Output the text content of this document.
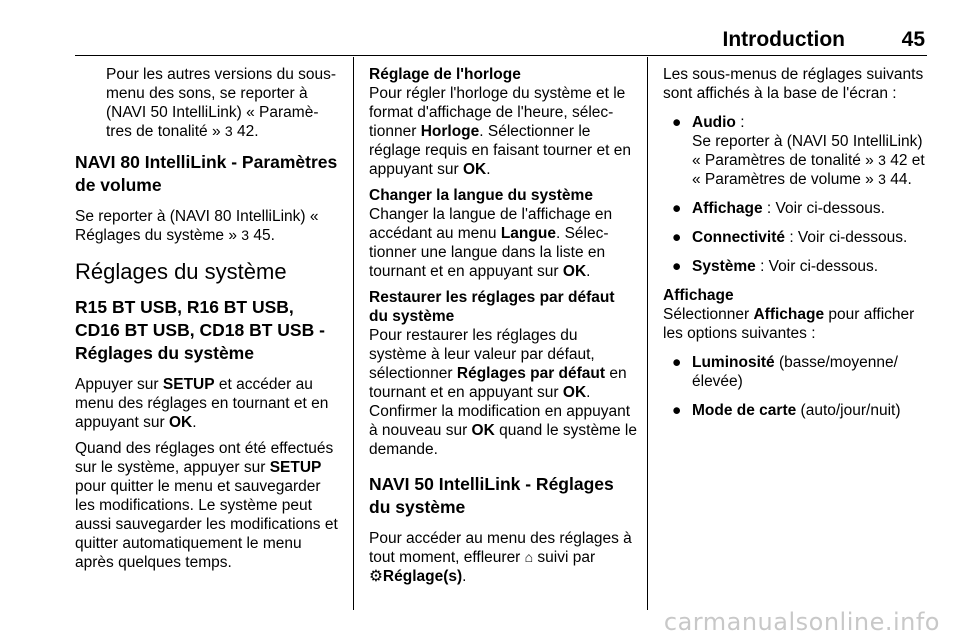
Introduction	45

Pour les autres versions du sous-menu des sons, se reporter à (NAVI 50 IntelliLink) « Paramè-tres de tonalité » 3 42.

NAVI 80 IntelliLink - Paramètres de volume

Se reporter à (NAVI 80 IntelliLink) « Réglages du système » 3 45.

Réglages du système

R15 BT USB, R16 BT USB, CD16 BT USB, CD18 BT USB - Réglages du système

Appuyer sur SETUP et accéder au menu des réglages en tournant et en appuyant sur OK.

Quand des réglages ont été effectués sur le système, appuyer sur SETUP pour quitter le menu et sauvegarder les modifications. Le système peut aussi sauvegarder les modifications et quitter automatiquement le menu après quelques temps.

Réglage de l'horloge

Pour régler l'horloge du système et le format d'affichage de l'heure, sélec-tionner Horloge. Sélectionner le réglage requis en faisant tourner et en appuyant sur OK.

Changer la langue du système

Changer la langue de l'affichage en accédant au menu Langue. Sélec-tionner une langue dans la liste en tournant et en appuyant sur OK.

Restaurer les réglages par défaut du système

Pour restaurer les réglages du système à leur valeur par défaut, sélectionner Réglages par défaut en tournant et en appuyant sur OK. Confirmer la modification en appuyant à nouveau sur OK quand le système le demande.

NAVI 50 IntelliLink - Réglages du système

Pour accéder au menu des réglages à tout moment, effleurer ⌂ suivi par ⚙Réglage(s).

Les sous-menus de réglages suivants sont affichés à la base de l'écran :

● Audio :
Se reporter à (NAVI 50 IntelliLink) « Paramètres de tonalité » 3 42 et « Paramètres de volume » 3 44.
● Affichage : Voir ci-dessous.
● Connectivité : Voir ci-dessous.
● Système : Voir ci-dessous.

Affichage

Sélectionner Affichage pour afficher les options suivantes :

● Luminosité (basse/moyenne/ élevée)
● Mode de carte (auto/jour/nuit)
carmanualsonline.info
